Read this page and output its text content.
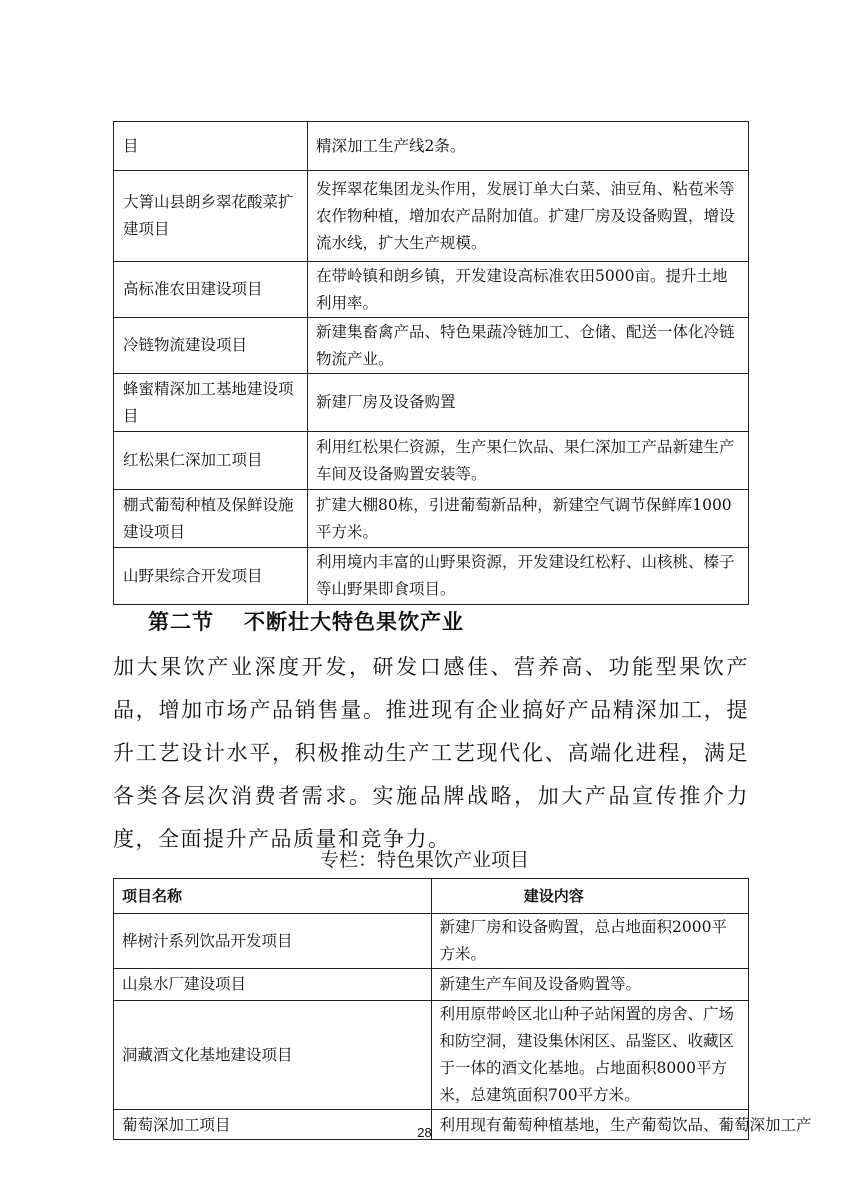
目	精深加工生产线2条。
大箐山县朗乡翠花酸菜扩建项目	发挥翠花集团龙头作用，发展订单大白菜、油豆角、粘苞米等农作物种植，增加农产品附加值。扩建厂房及设备购置，增设流水线，扩大生产规模。
高标准农田建设项目	在带岭镇和朗乡镇，开发建设高标准农田5000亩。提升土地利用率。
冷链物流建设项目	新建集畜禽产品、特色果蔬冷链加工、仓储、配送一体化冷链物流产业。
蜂蜜精深加工基地建设项目	新建厂房及设备购置
红松果仁深加工项目	利用红松果仁资源，生产果仁饮品、果仁深加工产品新建生产车间及设备购置安装等。
棚式葡萄种植及保鲜设施建设项目	扩建大棚80栋，引进葡萄新品种，新建空气调节保鲜库1000平方米。
山野果综合开发项目	利用境内丰富的山野果资源，开发建设红松籽、山核桃、榛子等山野果即食项目。
第二节 不断壮大特色果饮产业
加大果饮产业深度开发，研发口感佳、营养高、功能型果饮产品，增加市场产品销售量。推进现有企业搞好产品精深加工，提升工艺设计水平，积极推动生产工艺现代化、高端化进程，满足各类各层次消费者需求。实施品牌战略，加大产品宣传推介力度，全面提升产品质量和竞争力。
专栏：特色果饮产业项目
项目名称	建设内容
桦树汁系列饮品开发项目	新建厂房和设备购置，总占地面积2000平方米。
山泉水厂建设项目	新建生产车间及设备购置等。
洞藏酒文化基地建设项目	利用原带岭区北山种子站闲置的房舍、广场和防空洞，建设集休闲区、品鉴区、收藏区于一体的酒文化基地。占地面积8000平方米，总建筑面积700平方米。
葡萄深加工项目	利用现有葡萄种植基地，生产葡萄饮品、葡萄深加工产
28
